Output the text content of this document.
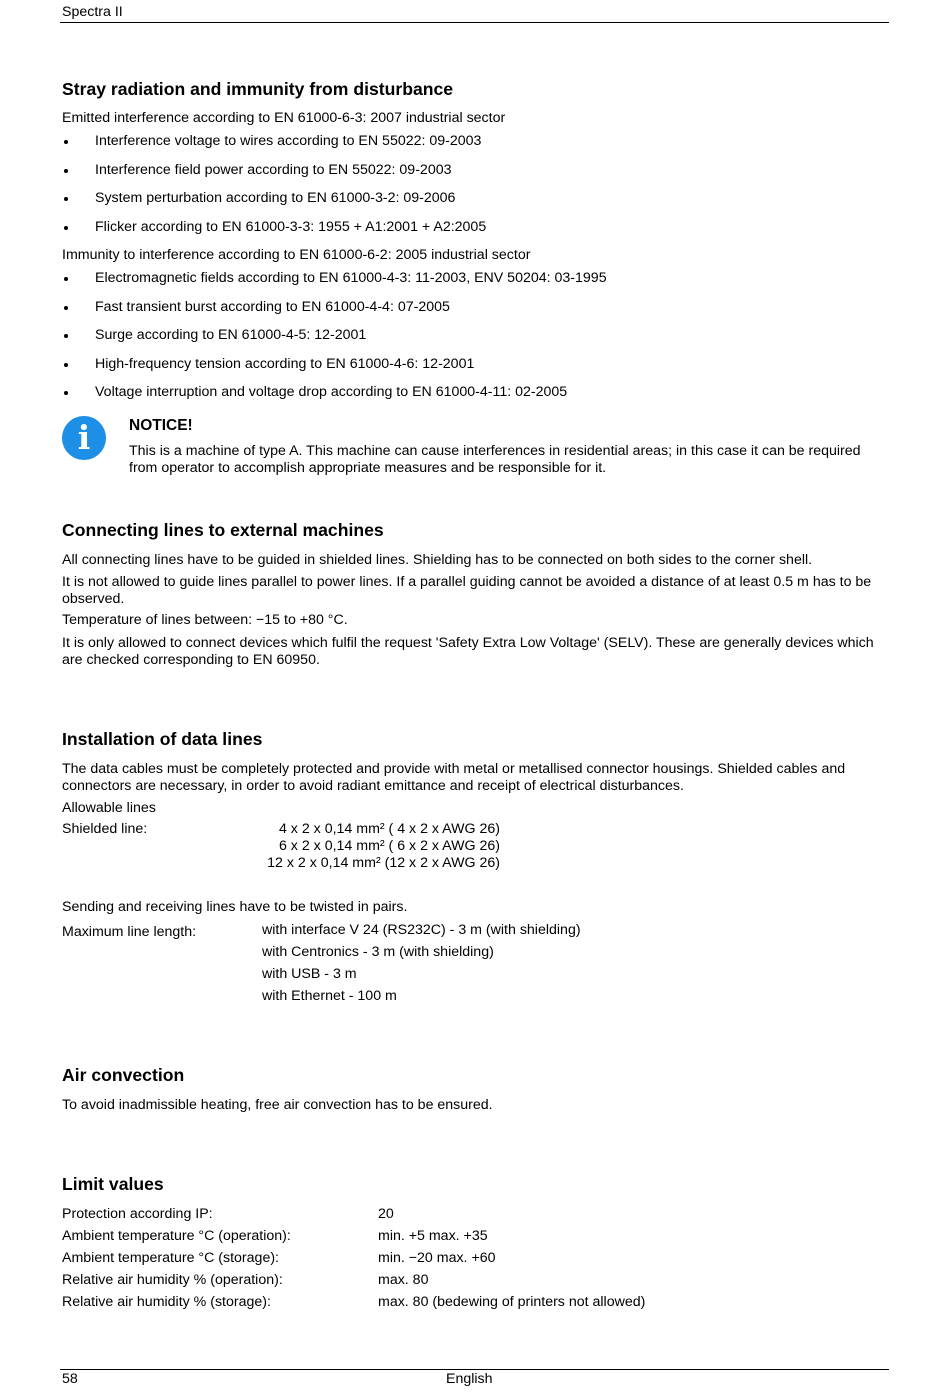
Spectra II
Stray radiation and immunity from disturbance

Emitted interference according to EN 61000-6-3: 2007 industrial sector

Interference voltage to wires according to EN 55022: 09-2003
Interference field power according to EN 55022: 09-2003
System perturbation according to EN 61000-3-2: 09-2006
Flicker according to EN 61000-3-3: 1955 + A1:2001 + A2:2005

Immunity to interference according to EN 61000-6-2: 2005 industrial sector

Electromagnetic fields according to EN 61000-4-3: 11-2003, ENV 50204: 03-1995
Fast transient burst according to EN 61000-4-4: 07-2005
Surge according to EN 61000-4-5: 12-2001
High-frequency tension according to EN 61000-4-6: 12-2001
Voltage interruption and voltage drop according to EN 61000-4-11: 02-2005
i	NOTICE!

This is a machine of type A. This machine can cause interferences in residential areas; in this case it can be required from operator to accomplish appropriate measures and be responsible for it.

Connecting lines to external machines

All connecting lines have to be guided in shielded lines. Shielding has to be connected on both sides to the corner shell.

It is not allowed to guide lines parallel to power lines. If a parallel guiding cannot be avoided a distance of at least 0.5 m has to be observed.

Temperature of lines between: −15 to +80 °C.

It is only allowed to connect devices which fulfil the request 'Safety Extra Low Voltage' (SELV). These are generally devices which are checked corresponding to EN 60950.

Installation of data lines

The data cables must be completely protected and provide with metal or metallised connector housings. Shielded cables and connectors are necessary, in order to avoid radiant emittance and receipt of electrical disturbances.

Allowable lines

Shielded line:	4 x 2 x 0,14 mm² ( 4 x 2 x AWG 26)
6 x 2 x 0,14 mm² ( 6 x 2 x AWG 26)
12 x 2 x 0,14 mm² (12 x 2 x AWG 26)

Sending and receiving lines have to be twisted in pairs.

Maximum line length:	with interface V 24 (RS232C) - 3 m (with shielding)
with Centronics - 3 m (with shielding)
with USB - 3 m
with Ethernet - 100 m
Air convection

To avoid inadmissible heating, free air convection has to be ensured.

Limit values
Protection according IP:	20
Ambient temperature °C (operation):	min. +5 max. +35
Ambient temperature °C (storage):	min. −20 max. +60
Relative air humidity % (operation):	max. 80
Relative air humidity % (storage):	max. 80 (bedewing of printers not allowed)
58	English
